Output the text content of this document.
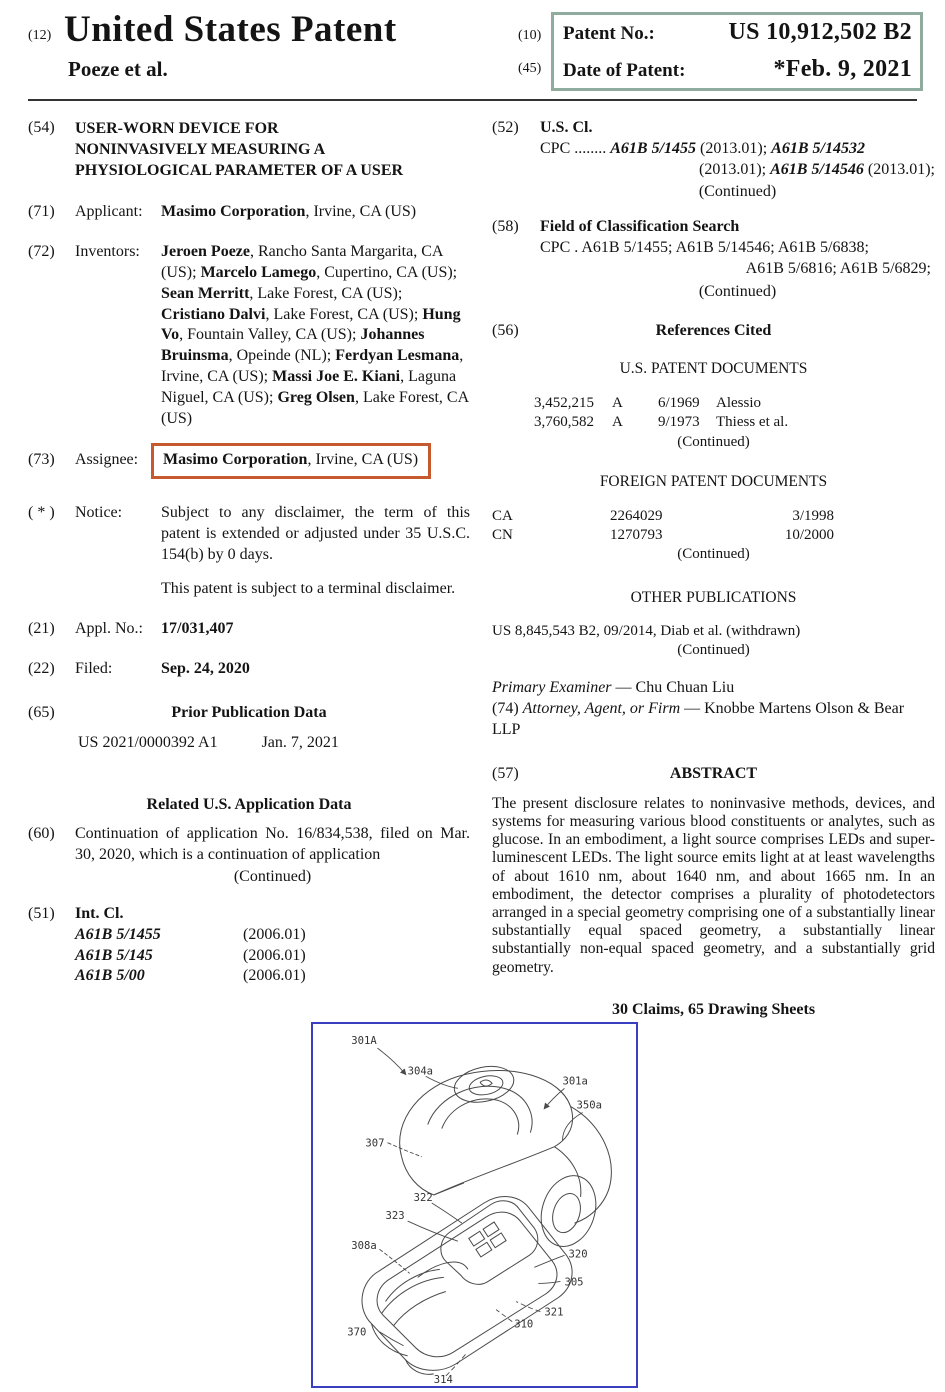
(12) United States Patent
Poeze et al.
(10)
(45)
Patent No.:	US 10,912,502 B2
Date of Patent:	*Feb. 9, 2021
(54)	USER-WORN DEVICE FOR
NONINVASIVELY MEASURING A
PHYSIOLOGICAL PARAMETER OF A USER
(71)	Applicant:	Masimo Corporation, Irvine, CA (US)
(72)	Inventors:	Jeroen Poeze, Rancho Santa Margarita, CA (US); Marcelo Lamego, Cupertino, CA (US); Sean Merritt, Lake Forest, CA (US); Cristiano Dalvi, Lake Forest, CA (US); Hung Vo, Fountain Valley, CA (US); Johannes Bruinsma, Opeinde (NL); Ferdyan Lesmana, Irvine, CA (US); Massi Joe E. Kiani, Laguna Niguel, CA (US); Greg Olsen, Lake Forest, CA (US)
(73)	Assignee:	Masimo Corporation, Irvine, CA (US)
( * )	Notice:	Subject to any disclaimer, the term of this patent is extended or adjusted under 35 U.S.C. 154(b) by 0 days.
This patent is subject to a terminal disclaimer.
(21)	Appl. No.:	17/031,407
(22)	Filed:	Sep. 24, 2020
(65)	Prior Publication Data
US 2021/0000392 A1	Jan. 7, 2021
Related U.S. Application Data
(60)	Continuation of application No. 16/834,538, filed on Mar. 30, 2020, which is a continuation of application
(Continued)
(51)	Int. Cl.
A61B 5/1455	(2006.01)
A61B 5/145	(2006.01)
A61B 5/00	(2006.01)
(52)	U.S. Cl.
CPC ........ A61B 5/1455 (2013.01); A61B 5/14532
(2013.01); A61B 5/14546 (2013.01);
(Continued)
(58)	Field of Classification Search
CPC . A61B 5/1455; A61B 5/14546; A61B 5/6838;
A61B 5/6816; A61B 5/6829;
(Continued)
(56)	References Cited
U.S. PATENT DOCUMENTS
3,452,215	A	6/1969	Alessio
3,760,582	A	9/1973	Thiess et al.
(Continued)
FOREIGN PATENT DOCUMENTS
CA	2264029	3/1998
CN	1270793	10/2000
(Continued)
OTHER PUBLICATIONS
US 8,845,543 B2, 09/2014, Diab et al. (withdrawn)
(Continued)
Primary Examiner — Chu Chuan Liu
(74) Attorney, Agent, or Firm — Knobbe Martens Olson & Bear LLP
(57)	ABSTRACT
The present disclosure relates to noninvasive methods, devices, and systems for measuring various blood constituents or analytes, such as glucose. In an embodiment, a light source comprises LEDs and super-luminescent LEDs. The light source emits light at at least wavelengths of about 1610 nm, about 1640 nm, and about 1665 nm. In an embodiment, the detector comprises a plurality of photodetectors arranged in a special geometry comprising one of a substantially linear substantially equal spaced geometry, a substantially linear substantially non-equal spaced geometry, and a substantially grid geometry.
30 Claims, 65 Drawing Sheets
301A
304a
301a
350a
307
322
323
308a
320
305
321
310
370
314
